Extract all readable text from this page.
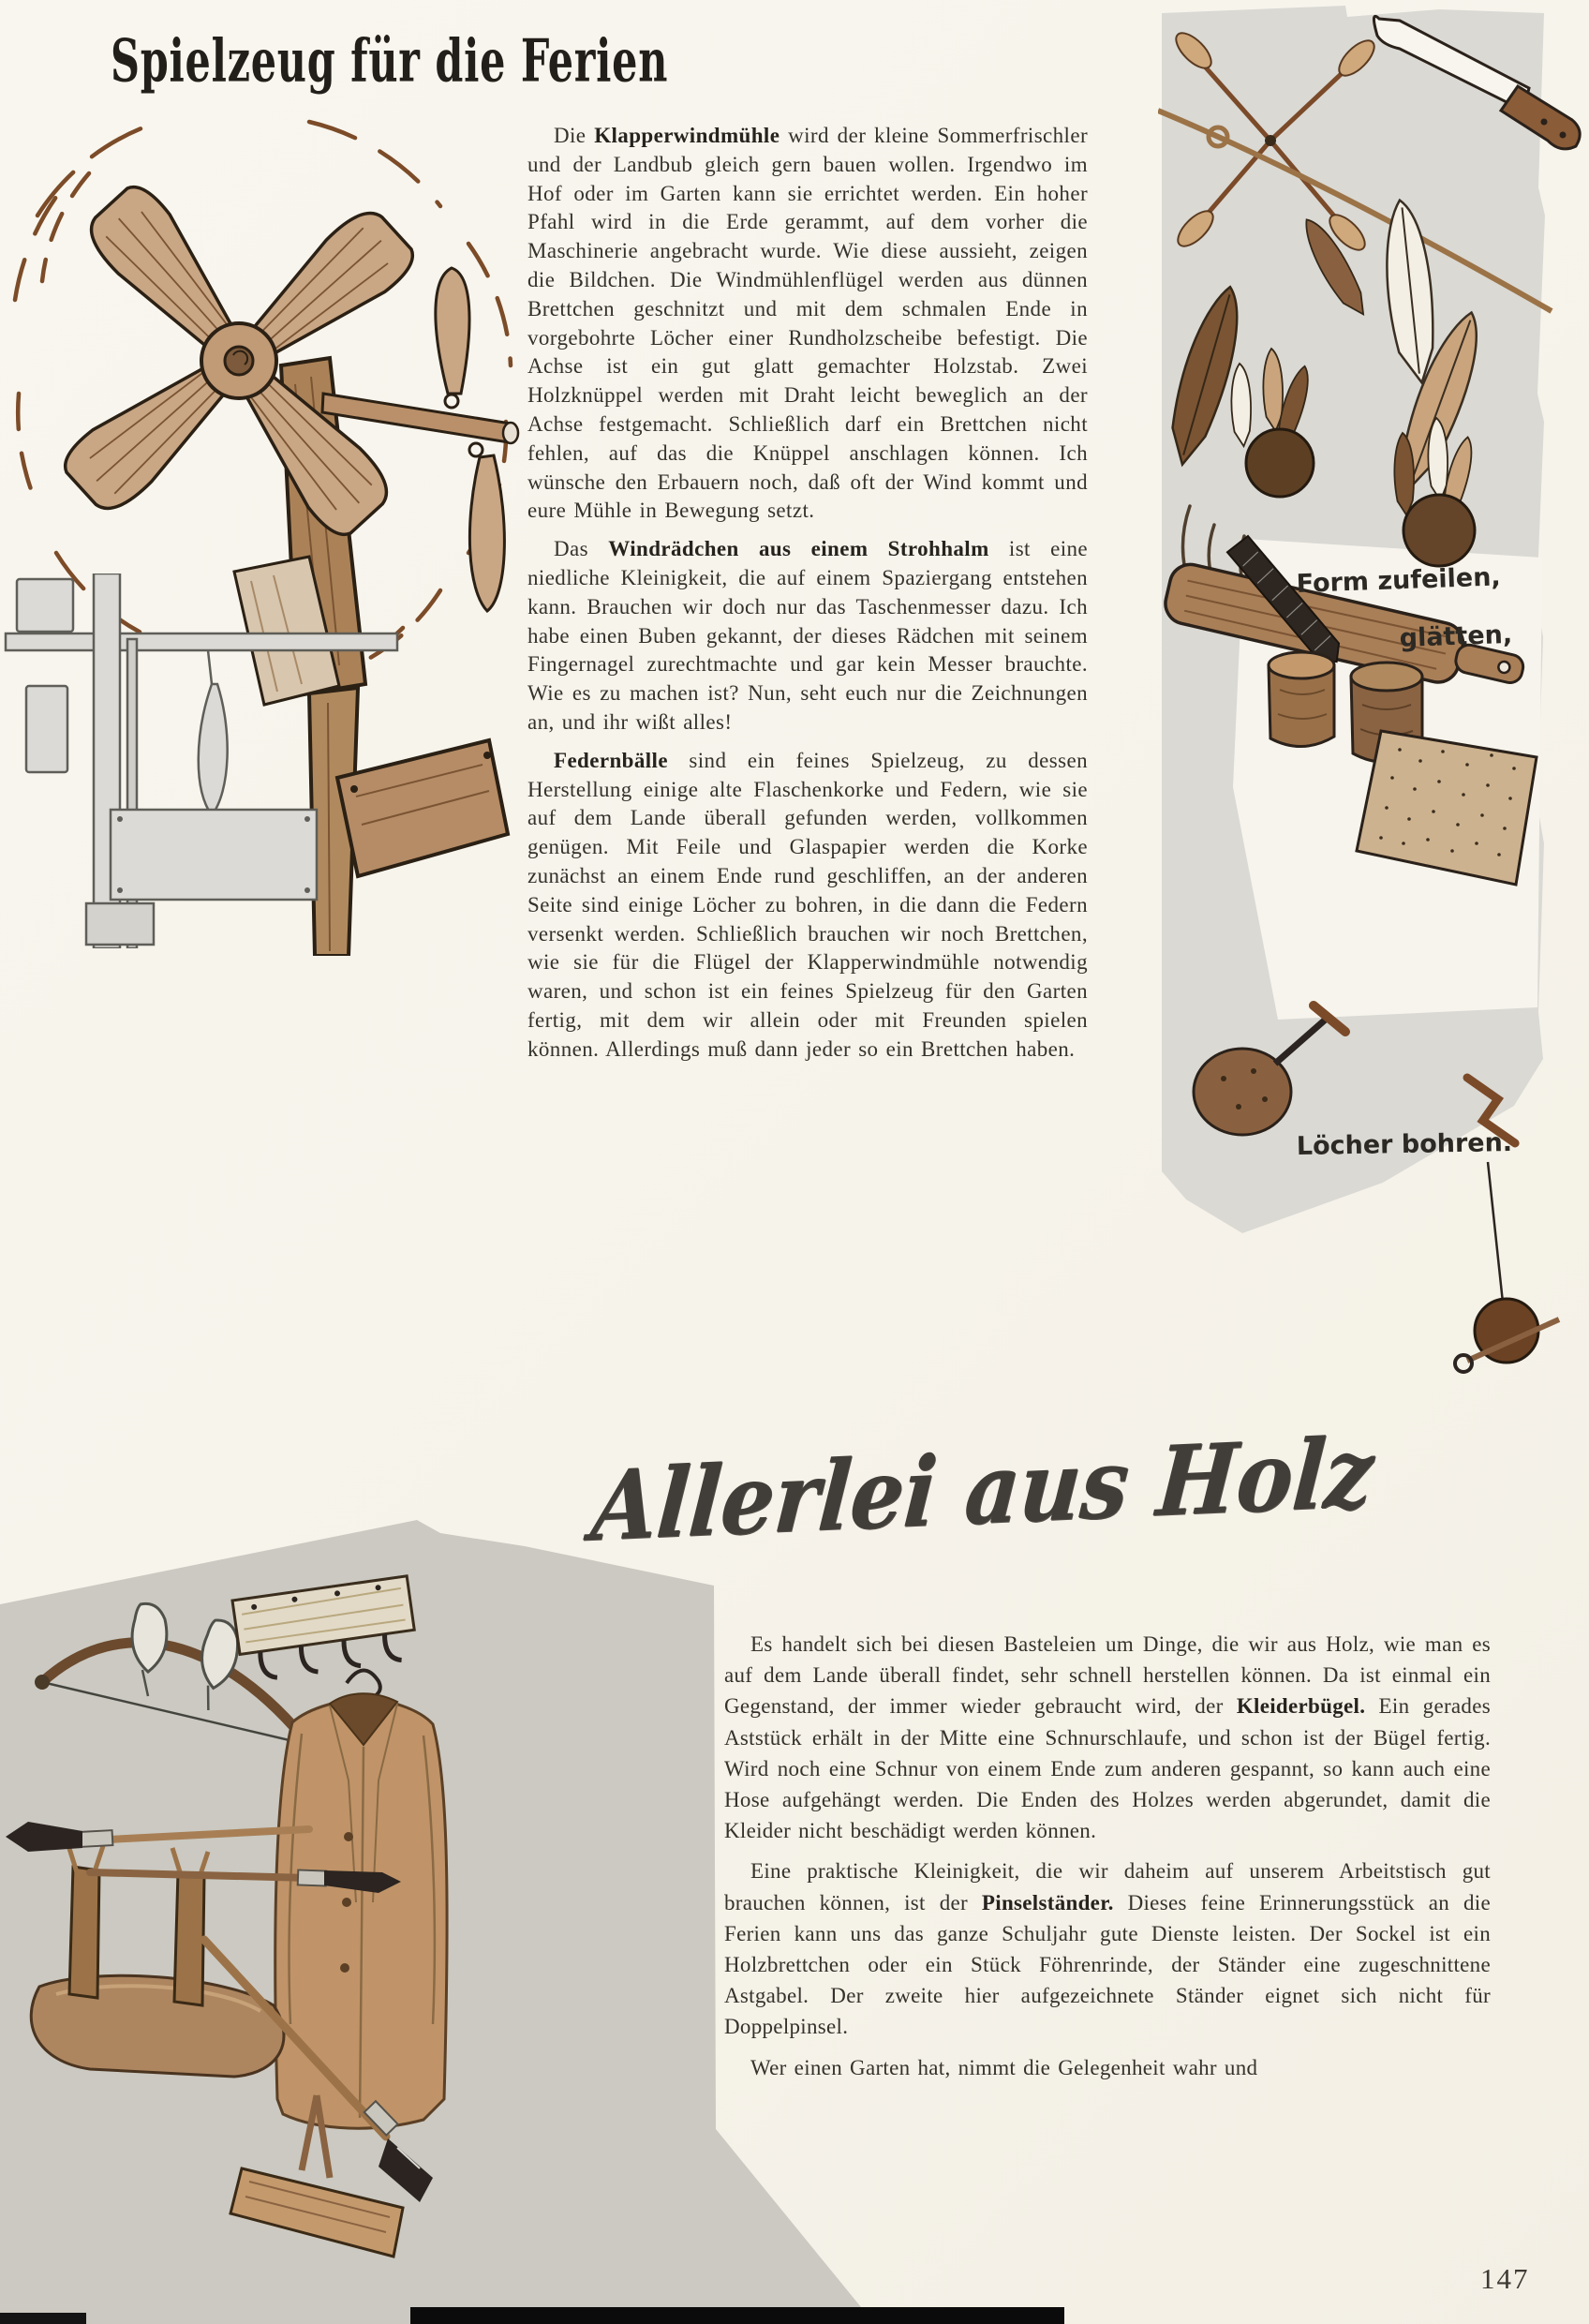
Spielzeug für die Ferien

Die Klapperwindmühle wird der kleine Sommerfrischler und der Landbub gleich gern bauen wollen. Irgendwo im Hof oder im Garten kann sie errichtet werden. Ein hoher Pfahl wird in die Erde gerammt, auf dem vorher die Maschinerie angebracht wurde. Wie diese aussieht, zeigen die Bildchen. Die Windmühlenflügel werden aus dünnen Brettchen geschnitzt und mit dem schmalen Ende in vorgebohrte Löcher einer Rundholzscheibe befestigt. Die Achse ist ein gut glatt gemachter Holzstab. Zwei Holzknüppel werden mit Draht leicht beweglich an der Achse festgemacht. Schließlich darf ein Brettchen nicht fehlen, auf das die Knüppel anschlagen können. Ich wünsche den Erbauern noch, daß oft der Wind kommt und eure Mühle in Bewegung setzt.

Das Windrädchen aus einem Strohhalm ist eine niedliche Kleinigkeit, die auf einem Spaziergang entstehen kann. Brauchen wir doch nur das Taschenmesser dazu. Ich habe einen Buben gekannt, der dieses Rädchen mit seinem Fingernagel zurechtmachte und gar kein Messer brauchte. Wie es zu machen ist? Nun, seht euch nur die Zeichnungen an, und ihr wißt alles!

Federnbälle sind ein feines Spielzeug, zu dessen Herstellung einige alte Flaschenkorke und Federn, wie sie auf dem Lande überall gefunden werden, vollkommen genügen. Mit Feile und Glaspapier werden die Korke zunächst an einem Ende rund geschliffen, an der anderen Seite sind einige Löcher zu bohren, in die dann die Federn versenkt werden. Schließlich brauchen wir noch Brettchen, wie sie für die Flügel der Klapperwindmühle notwendig waren, und schon ist ein feines Spielzeug für den Garten fertig, mit dem wir allein oder mit Freunden spielen können. Allerdings muß dann jeder so ein Brettchen haben.

Form zufeilen,
glätten,
Löcher bohren.
Allerlei aus Holz

Es handelt sich bei diesen Basteleien um Dinge, die wir aus Holz, wie man es auf dem Lande überall findet, sehr schnell herstellen können. Da ist einmal ein Gegenstand, der immer wieder gebraucht wird, der Kleiderbügel. Ein gerades Aststück erhält in der Mitte eine Schnurschlaufe, und schon ist der Bügel fertig. Wird noch eine Schnur von einem Ende zum anderen gespannt, so kann auch eine Hose aufgehängt werden. Die Enden des Holzes werden abgerundet, damit die Kleider nicht beschädigt werden können.

Eine praktische Kleinigkeit, die wir daheim auf unserem Arbeitstisch gut brauchen können, ist der Pinselständer. Dieses feine Erinnerungsstück an die Ferien kann uns das ganze Schuljahr gute Dienste leisten. Der Sockel ist ein Holzbrettchen oder ein Stück Föhrenrinde, der Ständer eine zugeschnittene Astgabel. Der zweite hier aufgezeichnete Ständer eignet sich nicht für Doppelpinsel.

Wer einen Garten hat, nimmt die Gelegenheit wahr und

147
